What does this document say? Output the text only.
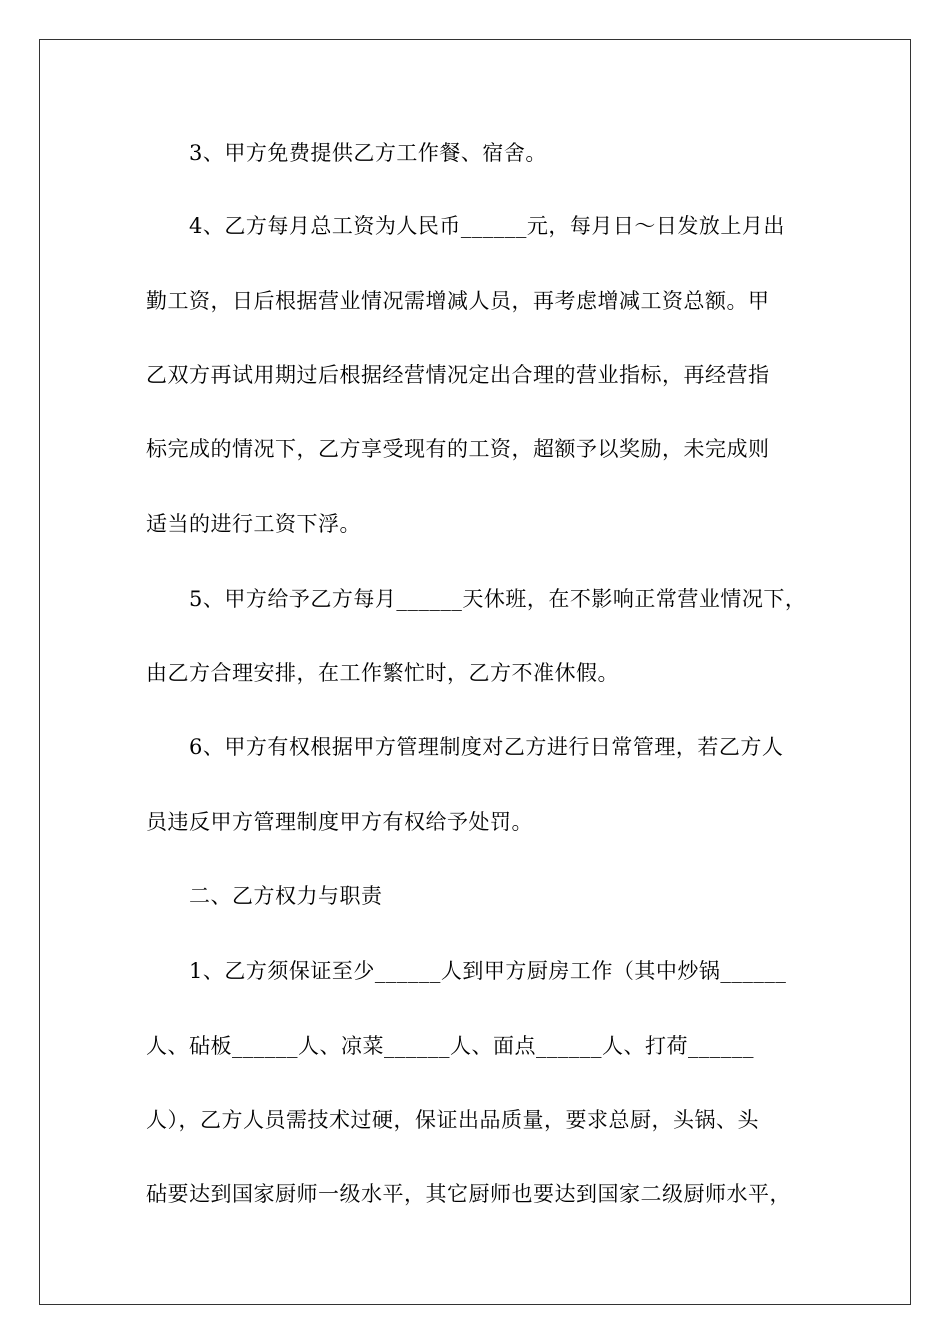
3、甲方免费提供乙方工作餐、宿舍。
4、乙方每月总工资为人民币______元，每月日～日发放上月出
勤工资，日后根据营业情况需增减人员，再考虑增减工资总额。甲
乙双方再试用期过后根据经营情况定出合理的营业指标，再经营指
标完成的情况下，乙方享受现有的工资，超额予以奖励，未完成则
适当的进行工资下浮。
5、甲方给予乙方每月______天休班，在不影响正常营业情况下，
由乙方合理安排，在工作繁忙时，乙方不准休假。
6、甲方有权根据甲方管理制度对乙方进行日常管理，若乙方人
员违反甲方管理制度甲方有权给予处罚。
二、乙方权力与职责
1、乙方须保证至少______人到甲方厨房工作（其中炒锅______
人、砧板______人、凉菜______人、面点______人、打荷______
人），乙方人员需技术过硬，保证出品质量，要求总厨，头锅、头
砧要达到国家厨师一级水平，其它厨师也要达到国家二级厨师水平，
